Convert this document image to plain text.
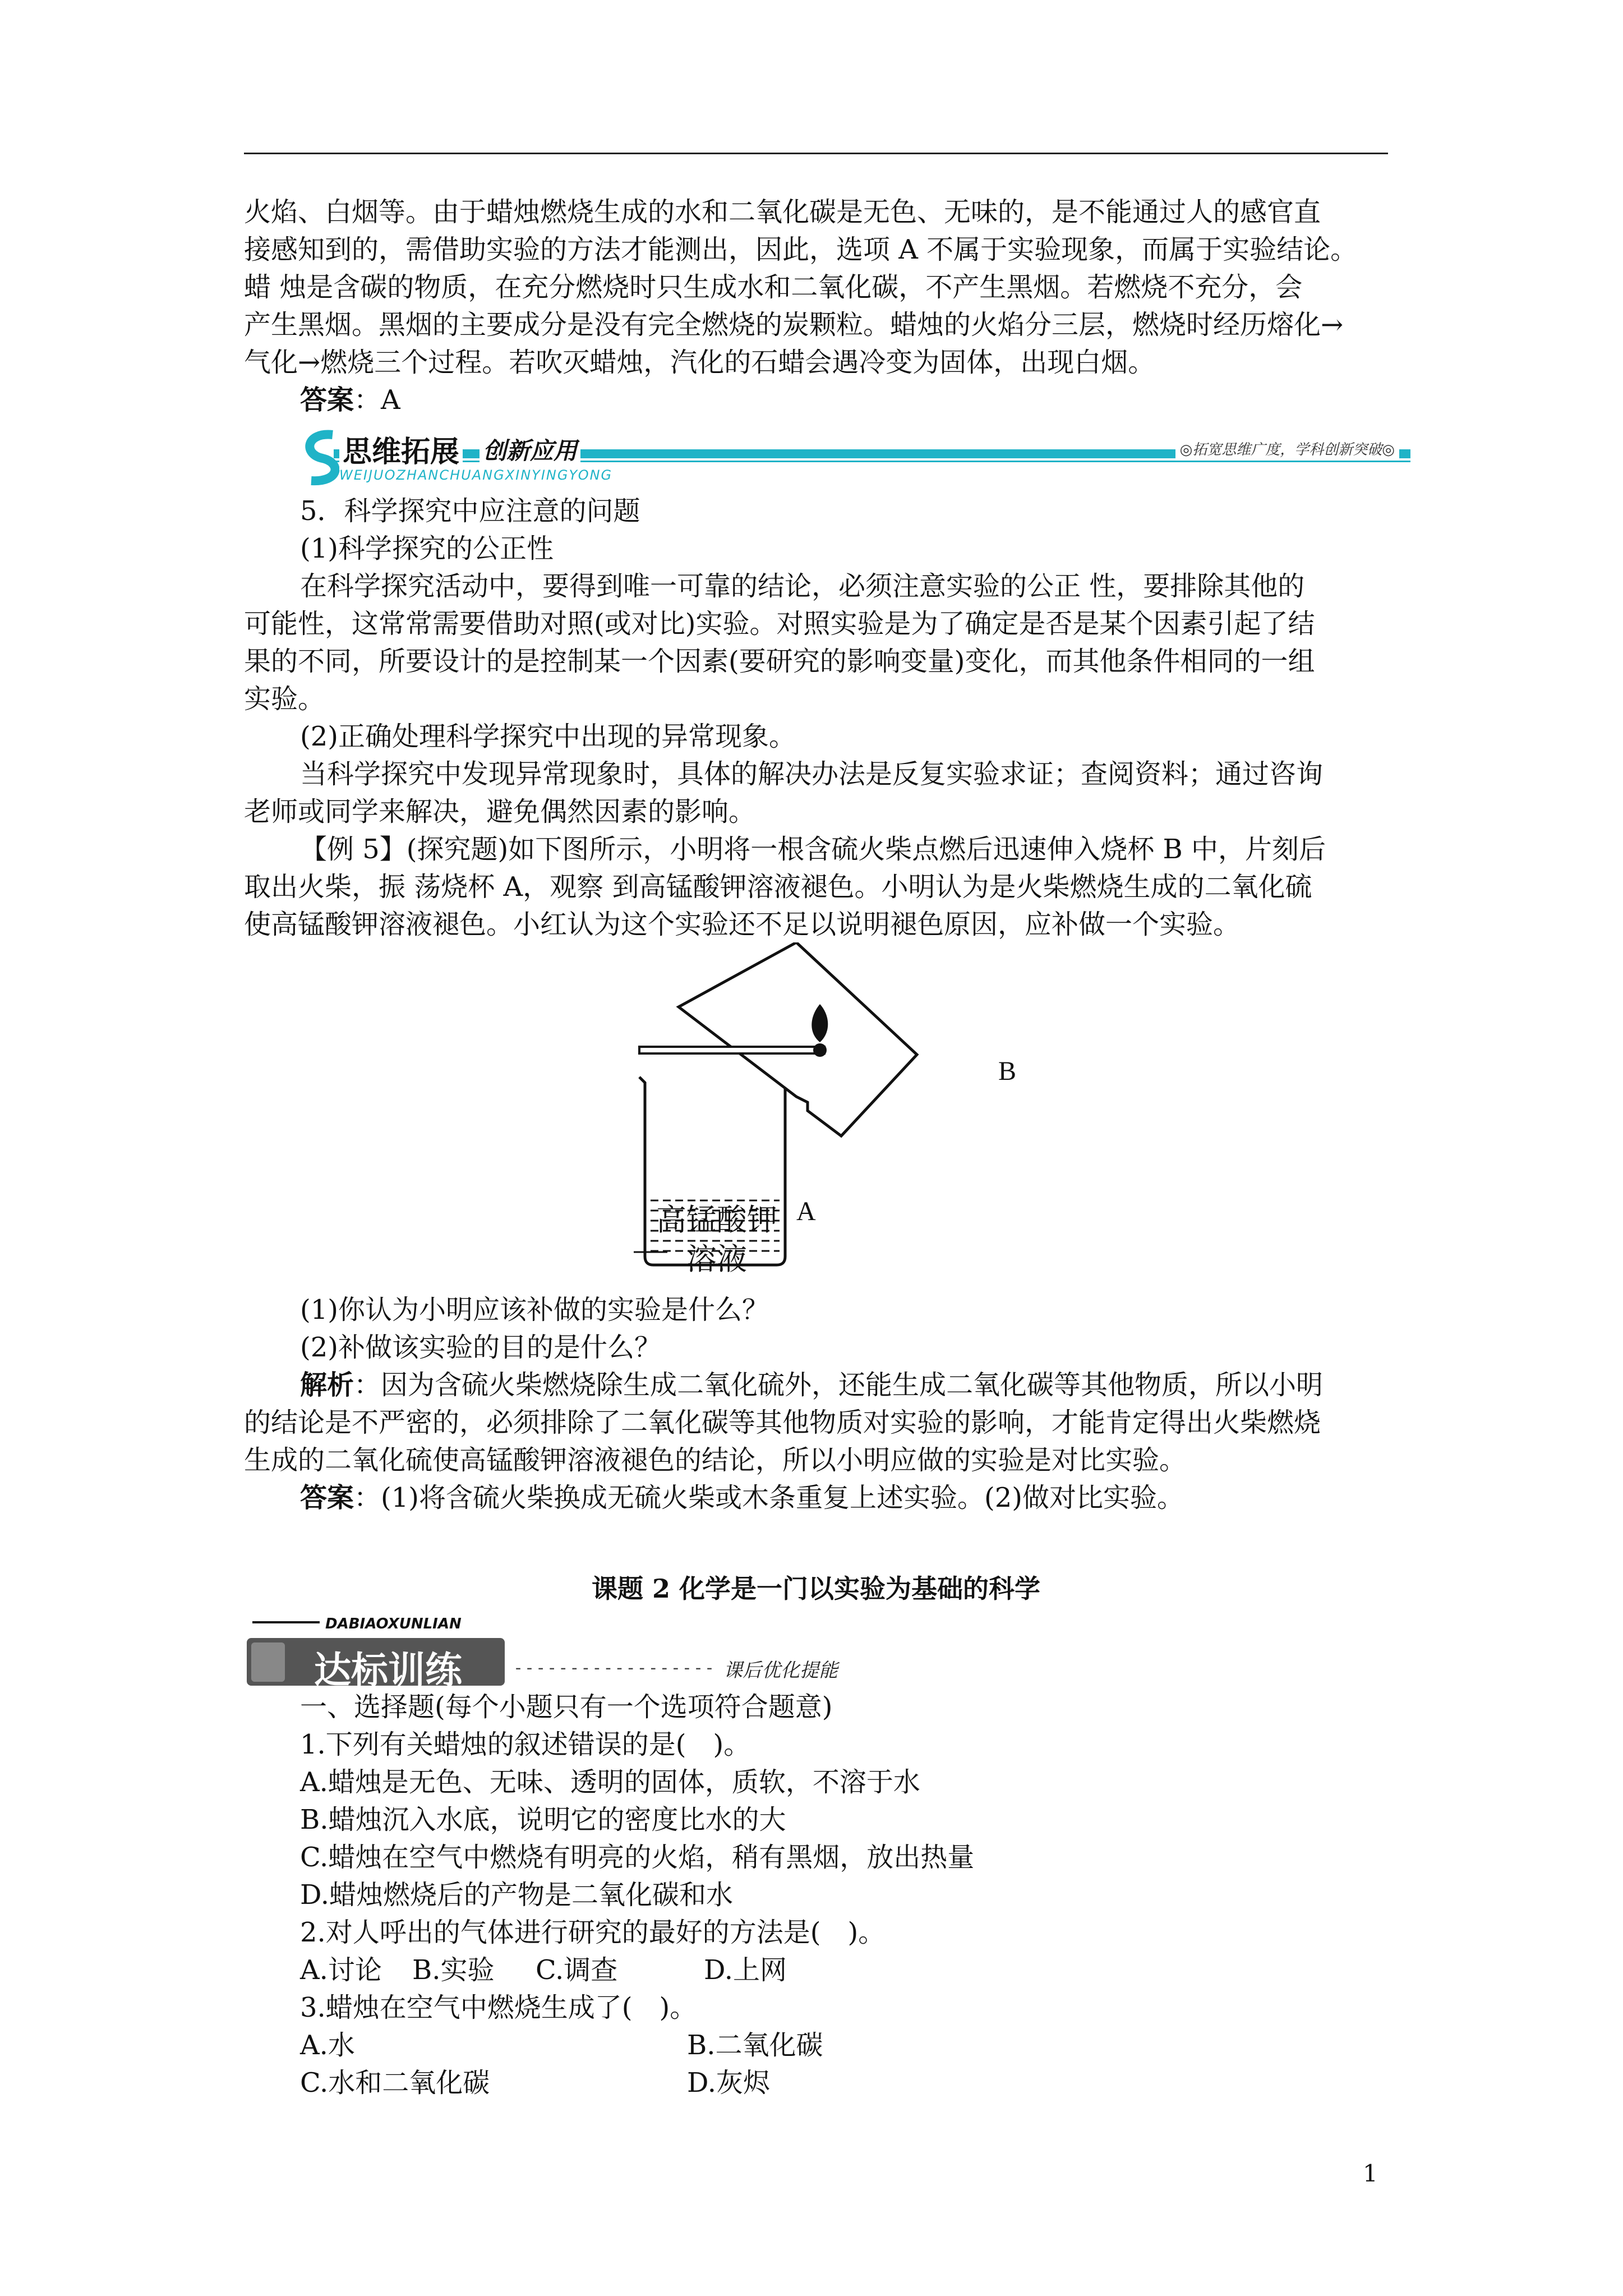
火焰、白烟等。由于蜡烛燃烧生成的水和二氧化碳是无色、无味的，是不能通过人的感官直

接感知到的，需借助实验的方法才能测出，因此，选项 A 不属于实验现象，而属于实验结论。

蜡 烛是含碳的物质，在充分燃烧时只生成水和二氧化碳，不产生黑烟。若燃烧不充分，会

产生黑烟。黑烟的主要成分是没有完全燃烧的炭颗粒。蜡烛的火焰分三层，燃烧时经历熔化→

气化→燃烧三个过程。若吹灭蜡烛，汽化的石蜡会遇冷变为固体，出现白烟。

答案：A

思维拓展 创新应用
WEIJUOZHANCHUANGXINYINGYONG
◎拓宽思维广度，学科创新突破◎

5．科学探究中应注意的问题

(1)科学探究的公正性

在科学探究活动中，要得到唯一可靠的结论，必须注意实验的公正 性，要排除其他的

可能性，这常常需要借助对照(或对比)实验。对照实验是为了确定是否是某个因素引起了结

果的不同，所要设计的是控制某一个因素(要研究的影响变量)变化，而其他条件相同的一组

实验。

(2)正确处理科学探究中出现的异常现象。

当科学探究中发现异常现象时，具体的解决办法是反复实验求证；查阅资料；通过咨询

老师或同学来解决，避免偶然因素的影响。

【例 5】(探究题)如下图所示，小明将一根含硫火柴点燃后迅速伸入烧杯 B 中，片刻后

取出火柴，振 荡烧杯 A，观察 到高锰酸钾溶液褪色。小明认为是火柴燃烧生成的二氧化硫

使高锰酸钾溶液褪色。小红认为这个实验还不足以说明褪色原因，应补做一个实验。

B
A
高锰酸钾
溶液

(1)你认为小明应该补做的实验是什么？

(2)补做该实验的目的是什么？

解析：因为含硫火柴燃烧除生成二氧化硫外，还能生成二氧化碳等其他物质，所以小明

的结论是不严密的，必须排除了二氧化碳等其他物质对实验的影响，才能肯定得出火柴燃烧

生成的二氧化硫使高锰酸钾溶液褪色的结论，所以小明应做的实验是对比实验。

答案：(1)将含硫火柴换成无硫火柴或木条重复上述实验。(2)做对比实验。

课题 2 化学是一门以实验为基础的科学
DABIAOXUNLIAN
达标训练	------------------ 课后优化提能

一、选择题(每个小题只有一个选项符合题意)

1.下列有关蜡烛的叙述错误的是(　)。

A.蜡烛是无色、无味、透明的固体，质软，不溶于水

B.蜡烛沉入水底，说明它的密度比水的大

C.蜡烛在空气中燃烧有明亮的火焰，稍有黑烟，放出热量

D.蜡烛燃烧后的产物是二氧化碳和水

2.对人呼出的气体进行研究的最好的方法是(　)。

A.讨论	B.实验	C.调查	D.上网

3.蜡烛在空气中燃烧生成了(　)。

A.水	B.二氧化碳

C.水和二氧化碳	D.灰烬

1
